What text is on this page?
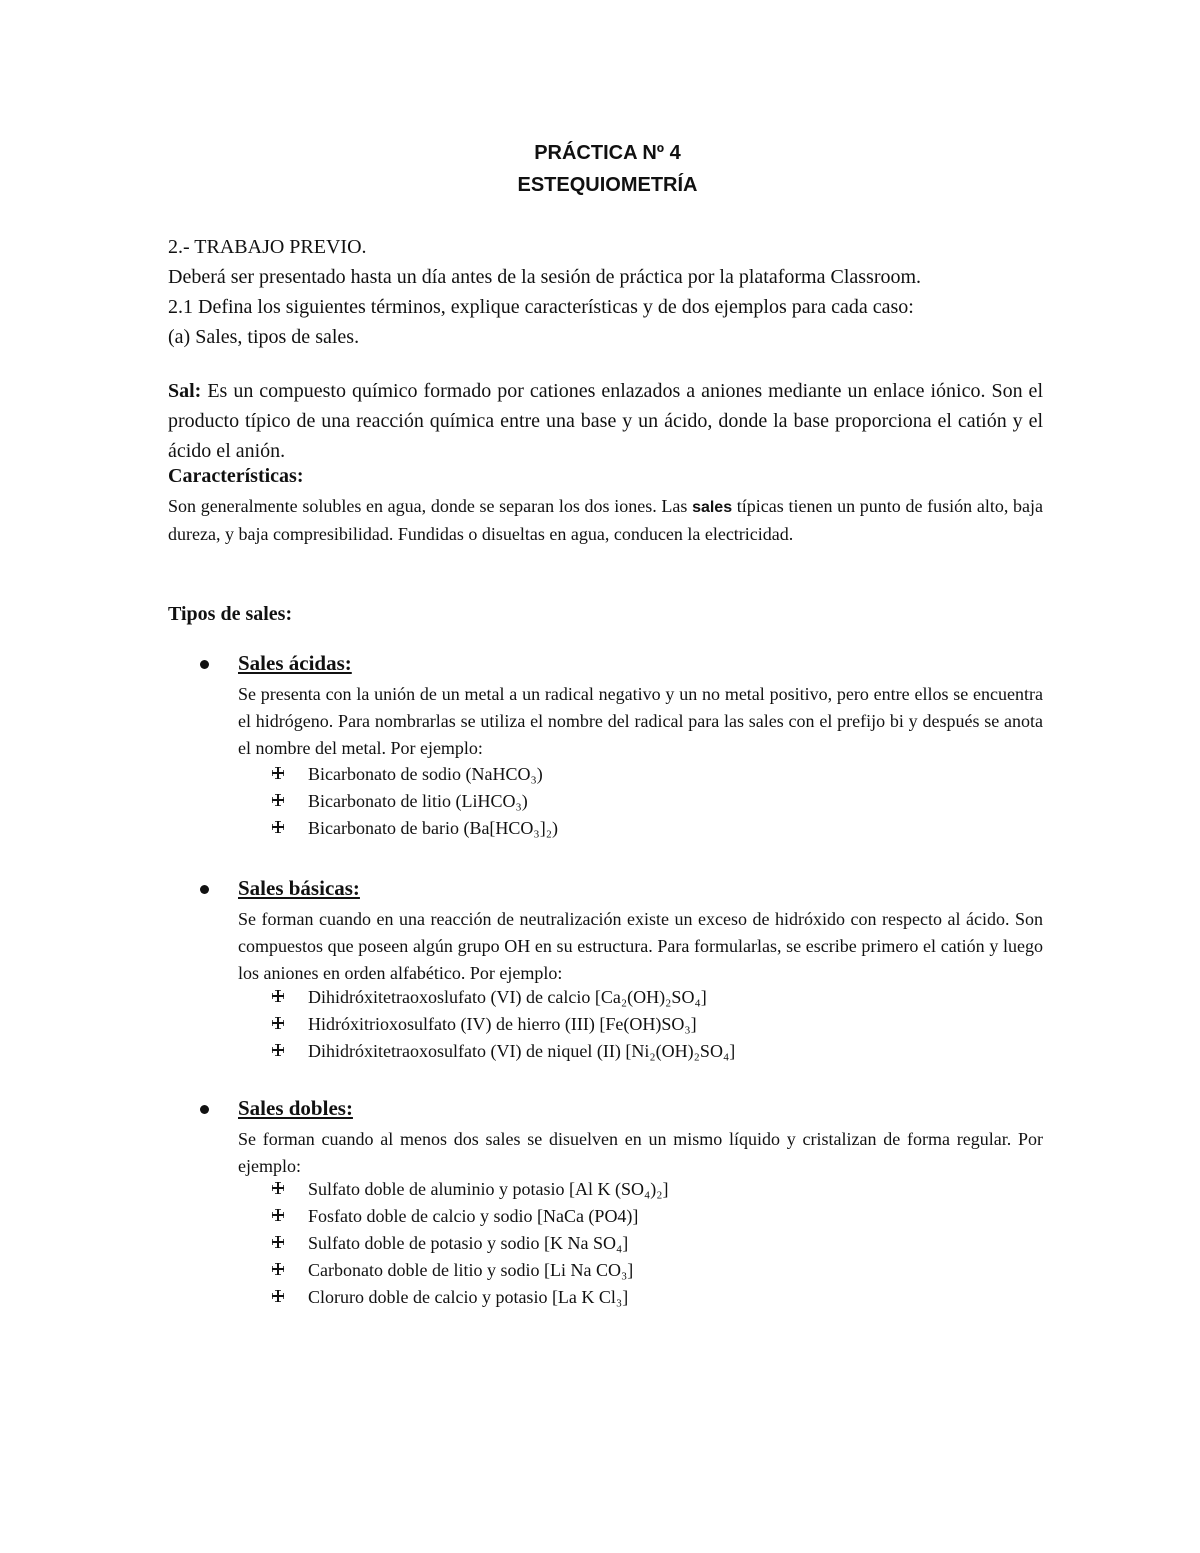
PRÁCTICA Nº 4
ESTEQUIOMETRÍA

2.- TRABAJO PREVIO.

Deberá ser presentado hasta un día antes de la sesión de práctica por la plataforma Classroom.

2.1 Defina los siguientes términos, explique características y de dos ejemplos para cada caso:

(a) Sales, tipos de sales.

Sal: Es un compuesto químico formado por cationes enlazados a aniones mediante un enlace iónico. Son el producto típico de una reacción química entre una base y un ácido, donde la base proporciona el catión y el ácido el anión.
Características:
Son generalmente solubles en agua, donde se separan los dos iones. Las sales típicas tienen un punto de fusión alto, baja dureza, y baja compresibilidad. Fundidas o disueltas en agua, conducen la electricidad.
Tipos de sales:
Sales ácidas:
Se presenta con la unión de un metal a un radical negativo y un no metal positivo, pero entre ellos se encuentra el hidrógeno. Para nombrarlas se utiliza el nombre del radical para las sales con el prefijo bi y después se anota el nombre del metal. Por ejemplo:
Bicarbonato de sodio (NaHCO₃)
Bicarbonato de litio (LiHCO₃)
Bicarbonato de bario (Ba[HCO₃]₂)
Sales básicas:
Se forman cuando en una reacción de neutralización existe un exceso de hidróxido con respecto al ácido. Son compuestos que poseen algún grupo OH en su estructura. Para formularlas, se escribe primero el catión y luego los aniones en orden alfabético. Por ejemplo:
Dihidróxitetraoxoslufato (VI) de calcio [Ca₂(OH)₂SO₄]
Hidróxitrioxosulfato (IV) de hierro (III) [Fe(OH)SO₃]
Dihidróxitetraoxosulfato (VI) de niquel (II) [Ni₂(OH)₂SO₄]
Sales dobles:
Se forman cuando al menos dos sales se disuelven en un mismo líquido y cristalizan de forma regular. Por ejemplo:
Sulfato doble de aluminio y potasio [Al K (SO₄)₂]
Fosfato doble de calcio y sodio [NaCa (PO4)]
Sulfato doble de potasio y sodio [K Na SO₄]
Carbonato doble de litio y sodio [Li Na CO₃]
Cloruro doble de calcio y potasio [La K Cl₃]
